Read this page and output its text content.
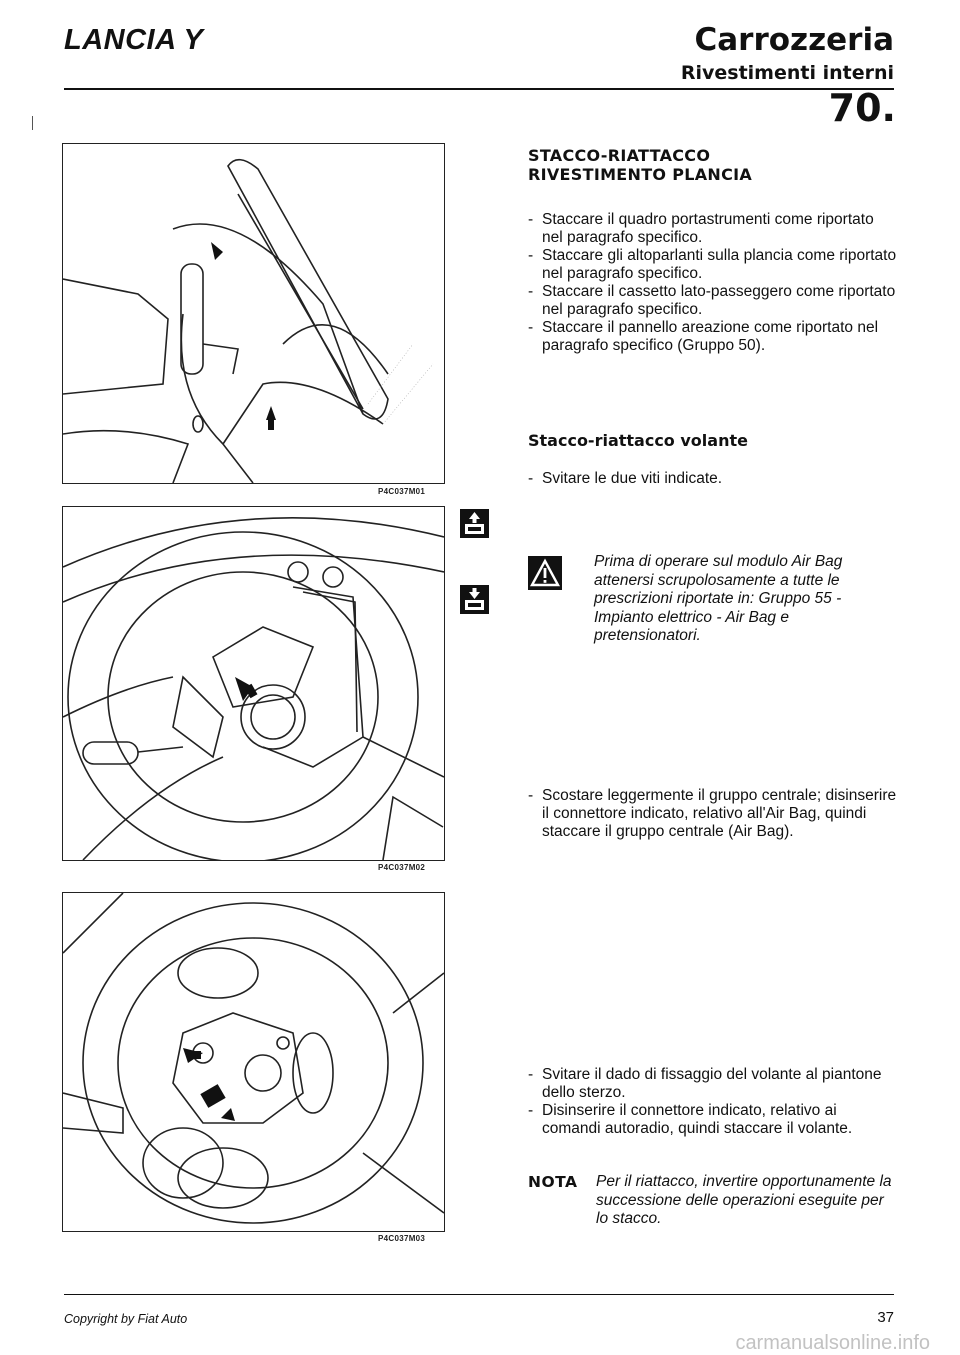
LANCIA Y	Carrozzeria
Rivestimenti interni
70.
P4C037M01
P4C037M02
P4C037M03
STACCO-RIATTACCO
RIVESTIMENTO PLANCIA
- Staccare il quadro portastrumenti come riportato nel paragrafo specifico.
- Staccare gli altoparlanti sulla plancia come riportato nel paragrafo specifico.
- Staccare il cassetto lato-passeggero come riportato nel paragrafo specifico.
- Staccare il pannello areazione come riportato nel paragrafo specifico (Gruppo 50).
Stacco-riattacco volante
- Svitare le due viti indicate.
Prima di operare sul modulo Air Bag attenersi scrupolosamente a tutte le prescrizioni riportate in: Gruppo 55 - Impianto elettrico - Air Bag e pretensionatori.
- Scostare leggermente il gruppo centrale; disinserire il connettore indicato, relativo all'Air Bag, quindi staccare il gruppo centrale (Air Bag).
- Svitare il dado di fissaggio del volante al piantone dello sterzo.
- Disinserire il connettore indicato, relativo ai comandi autoradio, quindi staccare il volante.
NOTA Per il riattacco, invertire opportunamente la successione delle operazioni eseguite per lo stacco.
Copyright by Fiat Auto	37
carmanualsonline.info
